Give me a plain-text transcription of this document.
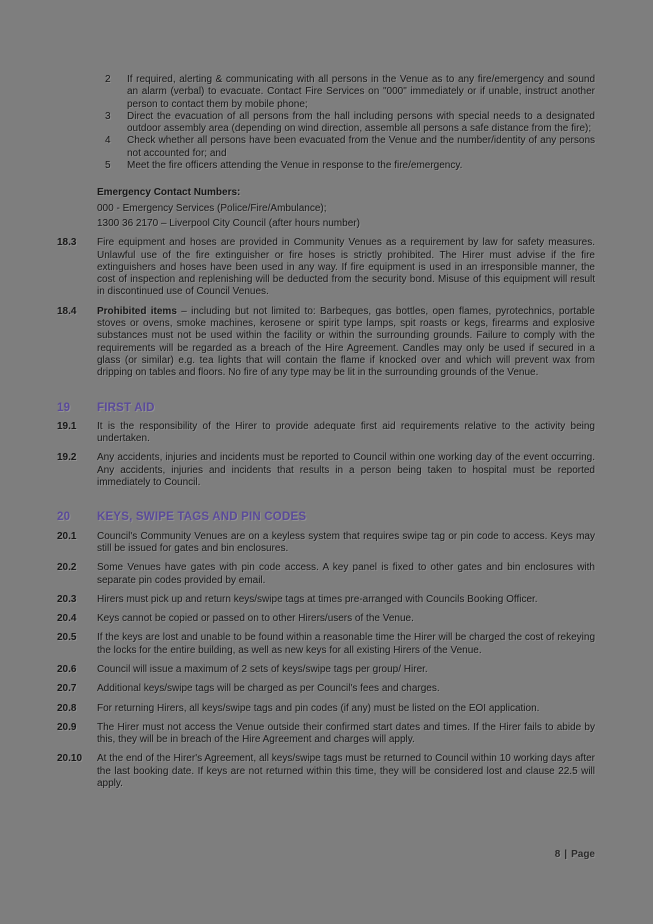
2	If required, alerting & communicating with all persons in the Venue as to any fire/emergency and sound an alarm (verbal) to evacuate. Contact Fire Services on "000" immediately or if unable, instruct another person to contact them by mobile phone;
3	Direct the evacuation of all persons from the hall including persons with special needs to a designated outdoor assembly area (depending on wind direction, assemble all persons a safe distance from the fire);
4	Check whether all persons have been evacuated from the Venue and the number/identity of any persons not accounted for; and
5	Meet the fire officers attending the Venue in response to the fire/emergency.
Emergency Contact Numbers:
000 - Emergency Services (Police/Fire/Ambulance);
1300 36 2170 – Liverpool City Council (after hours number)
18.3	Fire equipment and hoses are provided in Community Venues as a requirement by law for safety measures. Unlawful use of the fire extinguisher or fire hoses is strictly prohibited. The Hirer must advise if the fire extinguishers and hoses have been used in any way. If fire equipment is used in an irresponsible manner, the cost of inspection and replenishing will be deducted from the security bond. Misuse of this equipment will result in discontinued use of Council Venues.
18.4	Prohibited items – including but not limited to: Barbeques, gas bottles, open flames, pyrotechnics, portable stoves or ovens, smoke machines, kerosene or spirit type lamps, spit roasts or kegs, firearms and explosive substances must not be used within the facility or within the surrounding grounds. Failure to comply with the requirements will be regarded as a breach of the Hire Agreement. Candles may only be used if secured in a glass (or similar) e.g. tea lights that will contain the flame if knocked over and which will prevent wax from dripping on tables and floors. No fire of any type may be lit in the surrounding grounds of the Venue.
19	FIRST AID
19.1	It is the responsibility of the Hirer to provide adequate first aid requirements relative to the activity being undertaken.
19.2	Any accidents, injuries and incidents must be reported to Council within one working day of the event occurring. Any accidents, injuries and incidents that results in a person being taken to hospital must be reported immediately to Council.
20	KEYS, SWIPE TAGS AND PIN CODES
20.1	Council's Community Venues are on a keyless system that requires swipe tag or pin code to access. Keys may still be issued for gates and bin enclosures.
20.2	Some Venues have gates with pin code access. A key panel is fixed to other gates and bin enclosures with separate pin codes provided by email.
20.3	Hirers must pick up and return keys/swipe tags at times pre-arranged with Councils Booking Officer.
20.4	Keys cannot be copied or passed on to other Hirers/users of the Venue.
20.5	If the keys are lost and unable to be found within a reasonable time the Hirer will be charged the cost of rekeying the locks for the entire building, as well as new keys for all existing Hirers of the Venue.
20.6	Council will issue a maximum of 2 sets of keys/swipe tags per group/ Hirer.
20.7	Additional keys/swipe tags will be charged as per Council's fees and charges.
20.8	For returning Hirers, all keys/swipe tags and pin codes (if any) must be listed on the EOI application.
20.9	The Hirer must not access the Venue outside their confirmed start dates and times. If the Hirer fails to abide by this, they will be in breach of the Hire Agreement and charges will apply.
20.10	At the end of the Hirer's Agreement, all keys/swipe tags must be returned to Council within 10 working days after the last booking date. If keys are not returned within this time, they will be considered lost and clause 22.5 will apply.
8 | Page
